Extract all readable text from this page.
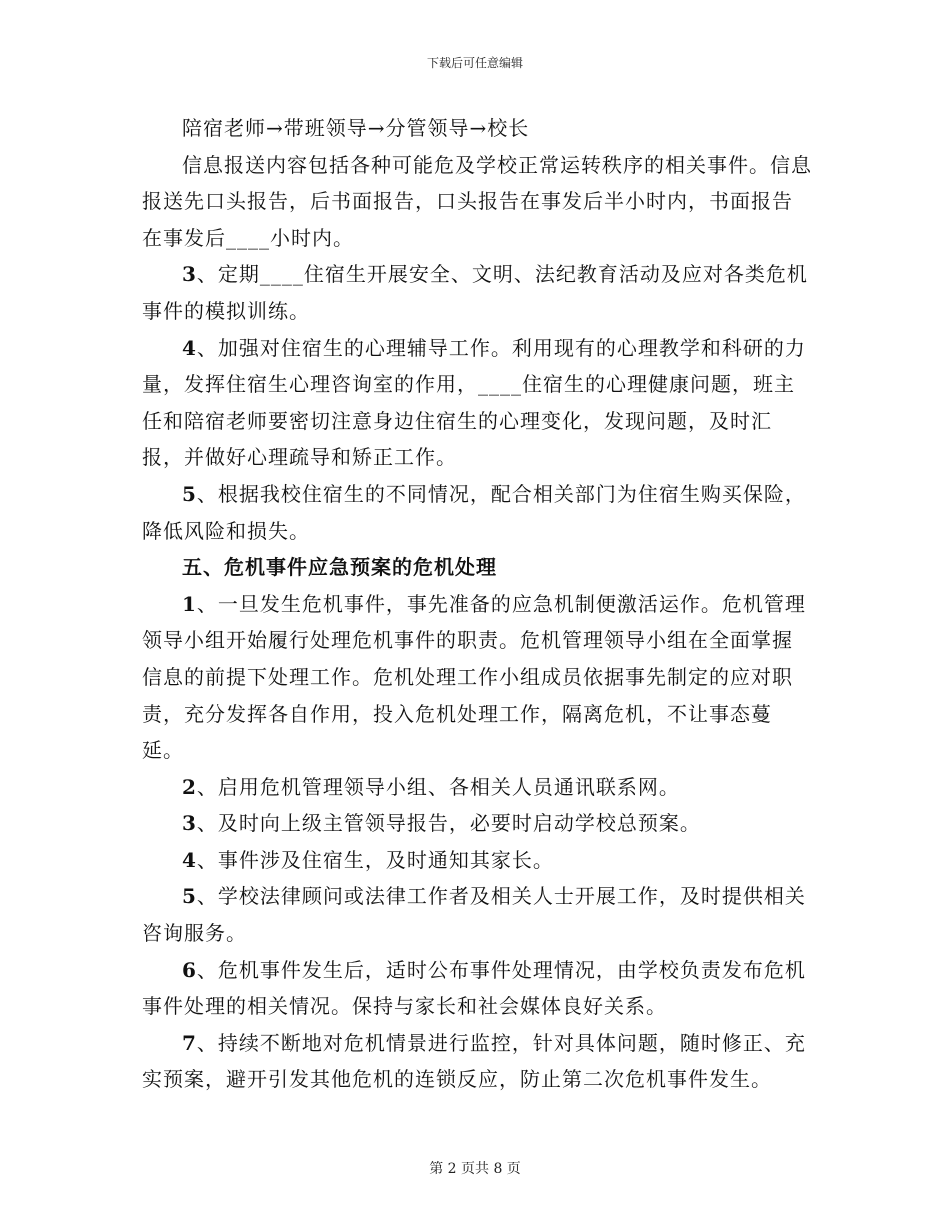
下载后可任意编辑

陪宿老师→带班领导→分管领导→校长

信息报送内容包括各种可能危及学校正常运转秩序的相关事件。信息报送先口头报告，后书面报告，口头报告在事发后半小时内，书面报告在事发后____小时内。

3、定期____住宿生开展安全、文明、法纪教育活动及应对各类危机事件的模拟训练。

4、加强对住宿生的心理辅导工作。利用现有的心理教学和科研的力量，发挥住宿生心理咨询室的作用，____住宿生的心理健康问题，班主任和陪宿老师要密切注意身边住宿生的心理变化，发现问题，及时汇报，并做好心理疏导和矫正工作。

5、根据我校住宿生的不同情况，配合相关部门为住宿生购买保险，降低风险和损失。

五、危机事件应急预案的危机处理

1、一旦发生危机事件，事先准备的应急机制便激活运作。危机管理领导小组开始履行处理危机事件的职责。危机管理领导小组在全面掌握信息的前提下处理工作。危机处理工作小组成员依据事先制定的应对职责，充分发挥各自作用，投入危机处理工作，隔离危机，不让事态蔓延。

2、启用危机管理领导小组、各相关人员通讯联系网。

3、及时向上级主管领导报告，必要时启动学校总预案。

4、事件涉及住宿生，及时通知其家长。

5、学校法律顾问或法律工作者及相关人士开展工作，及时提供相关咨询服务。

6、危机事件发生后，适时公布事件处理情况，由学校负责发布危机事件处理的相关情况。保持与家长和社会媒体良好关系。

7、持续不断地对危机情景进行监控，针对具体问题，随时修正、充实预案，避开引发其他危机的连锁反应，防止第二次危机事件发生。

第 2 页共 8 页
